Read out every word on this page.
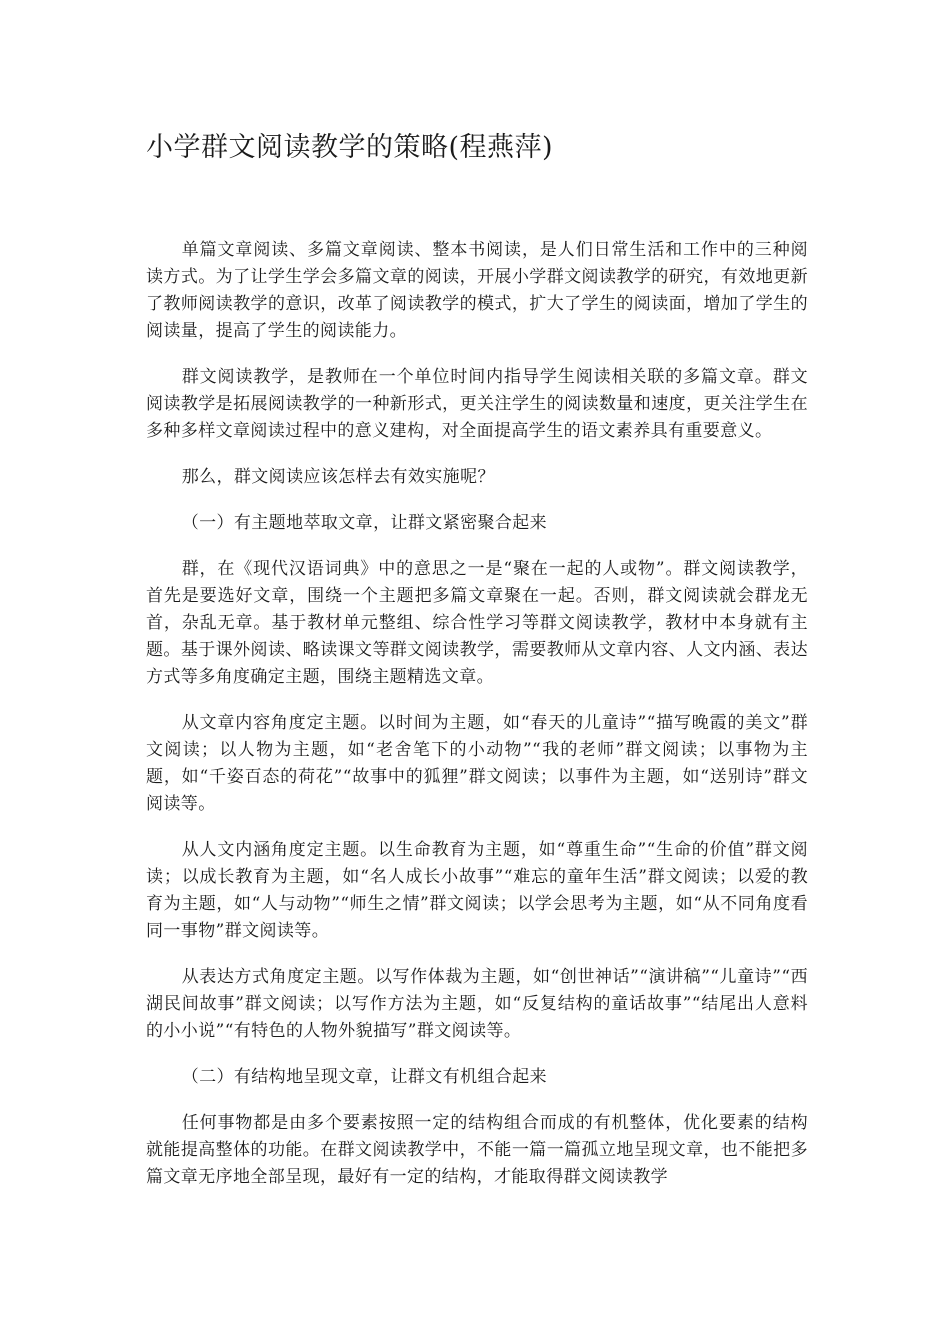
小学群文阅读教学的策略(程燕萍)

单篇文章阅读、多篇文章阅读、整本书阅读，是人们日常生活和工作中的三种阅读方式。为了让学生学会多篇文章的阅读，开展小学群文阅读教学的研究，有效地更新了教师阅读教学的意识，改革了阅读教学的模式，扩大了学生的阅读面，增加了学生的阅读量，提高了学生的阅读能力。

群文阅读教学，是教师在一个单位时间内指导学生阅读相关联的多篇文章。群文阅读教学是拓展阅读教学的一种新形式，更关注学生的阅读数量和速度，更关注学生在多种多样文章阅读过程中的意义建构，对全面提高学生的语文素养具有重要意义。

那么，群文阅读应该怎样去有效实施呢？

（一）有主题地萃取文章，让群文紧密聚合起来

群，在《现代汉语词典》中的意思之一是“聚在一起的人或物”。群文阅读教学，首先是要选好文章，围绕一个主题把多篇文章聚在一起。否则，群文阅读就会群龙无首，杂乱无章。基于教材单元整组、综合性学习等群文阅读教学，教材中本身就有主题。基于课外阅读、略读课文等群文阅读教学，需要教师从文章内容、人文内涵、表达方式等多角度确定主题，围绕主题精选文章。

从文章内容角度定主题。以时间为主题，如“春天的儿童诗”“描写晚霞的美文”群文阅读；以人物为主题，如“老舍笔下的小动物”“我的老师”群文阅读；以事物为主题，如“千姿百态的荷花”“故事中的狐狸”群文阅读；以事件为主题，如“送别诗”群文阅读等。

从人文内涵角度定主题。以生命教育为主题，如“尊重生命”“生命的价值”群文阅读；以成长教育为主题，如“名人成长小故事”“难忘的童年生活”群文阅读；以爱的教育为主题，如“人与动物”“师生之情”群文阅读；以学会思考为主题，如“从不同角度看同一事物”群文阅读等。

从表达方式角度定主题。以写作体裁为主题，如“创世神话”“演讲稿”“儿童诗”“西湖民间故事”群文阅读；以写作方法为主题，如“反复结构的童话故事”“结尾出人意料的小小说”“有特色的人物外貌描写”群文阅读等。

（二）有结构地呈现文章，让群文有机组合起来

任何事物都是由多个要素按照一定的结构组合而成的有机整体，优化要素的结构就能提高整体的功能。在群文阅读教学中，不能一篇一篇孤立地呈现文章，也不能把多篇文章无序地全部呈现，最好有一定的结构，才能取得群文阅读教学
